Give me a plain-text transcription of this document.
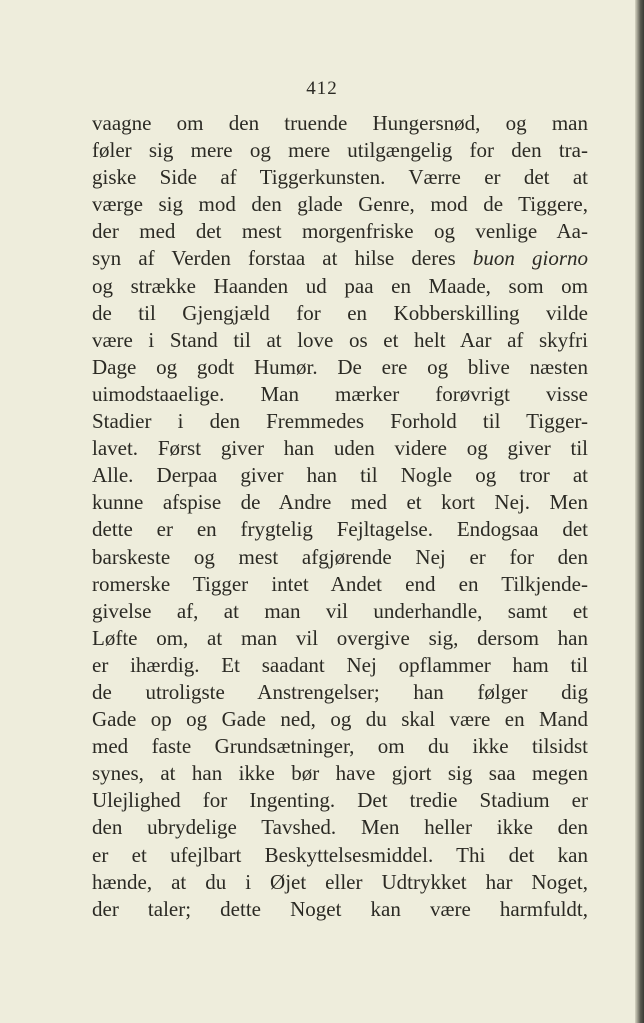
412
vaagne om den truende Hungersnød, og man
føler sig mere og mere utilgængelig for den tra-
giske Side af Tiggerkunsten. Værre er det at
værge sig mod den glade Genre, mod de Tiggere,
der med det mest morgenfriske og venlige Aa-
syn af Verden forstaa at hilse deres buon giorno
og strække Haanden ud paa en Maade, som om
de til Gjengjæld for en Kobberskilling vilde
være i Stand til at love os et helt Aar af skyfri
Dage og godt Humør. De ere og blive næsten
uimodstaaelige. Man mærker forøvrigt visse
Stadier i den Fremmedes Forhold til Tigger-
lavet. Først giver han uden videre og giver til
Alle. Derpaa giver han til Nogle og tror at
kunne afspise de Andre med et kort Nej. Men
dette er en frygtelig Fejltagelse. Endogsaa det
barskeste og mest afgjørende Nej er for den
romerske Tigger intet Andet end en Tilkjende-
givelse af, at man vil underhandle, samt et
Løfte om, at man vil overgive sig, dersom han
er ihærdig. Et saadant Nej opflammer ham til
de utroligste Anstrengelser; han følger dig
Gade op og Gade ned, og du skal være en Mand
med faste Grundsætninger, om du ikke tilsidst
synes, at han ikke bør have gjort sig saa megen
Ulejlighed for Ingenting. Det tredie Stadium er
den ubrydelige Tavshed. Men heller ikke den
er et ufejlbart Beskyttelsesmiddel. Thi det kan
hænde, at du i Øjet eller Udtrykket har Noget,
der taler; dette Noget kan være harmfuldt,
